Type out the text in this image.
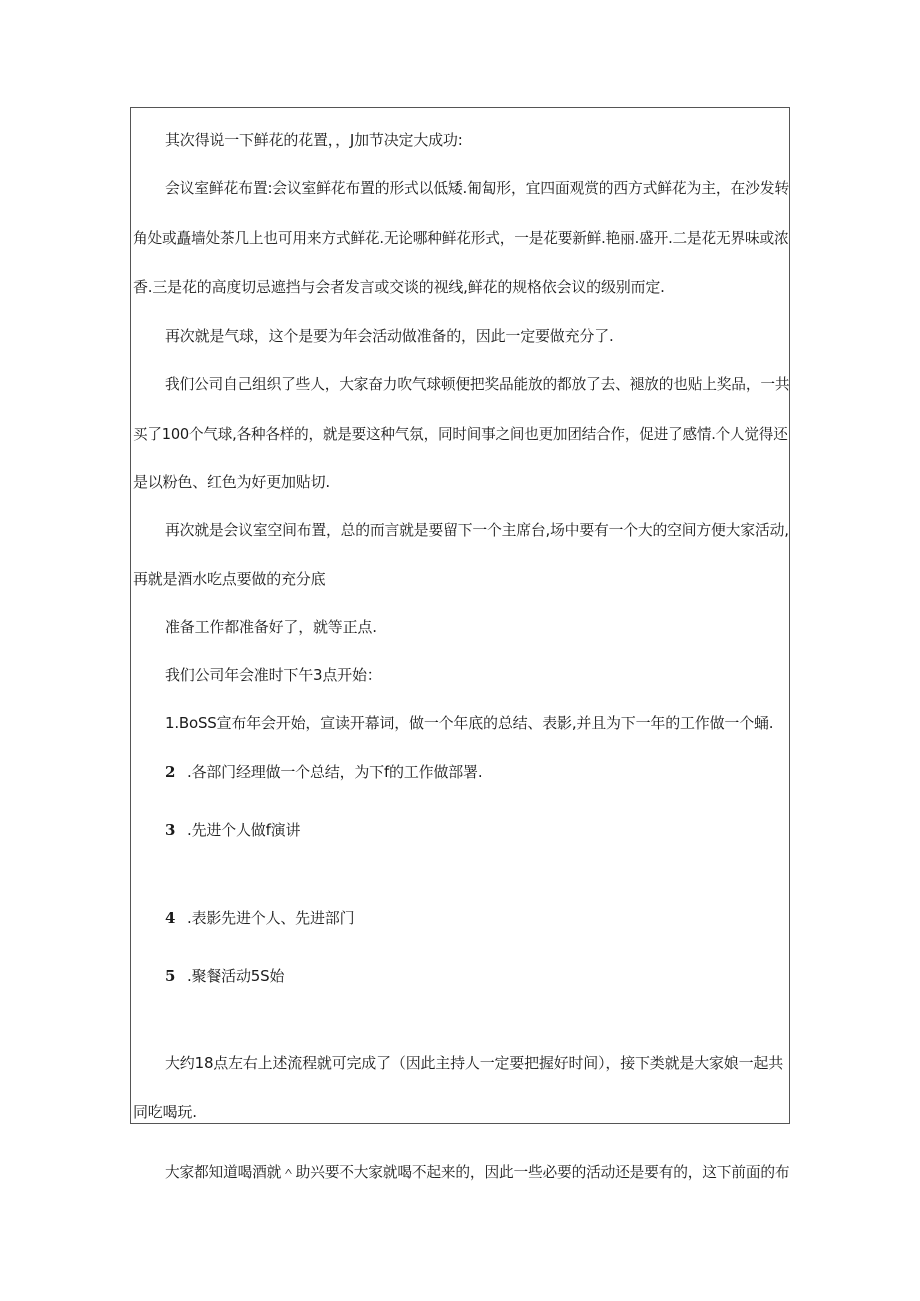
其次得说一下鲜花的花置，，J加节决定大成功:
会议室鲜花布置:会议室鲜花布置的形式以低矮.匍匐形，宜四面观赏的西方式鲜花为主，在沙发转
角处或矗墙处茶几上也可用来方式鲜花.无论哪种鲜花形式，一是花要新鲜.艳丽.盛开.二是花无界味或浓
香.三是花的高度切忌遮挡与会者发言或交谈的视线,鲜花的规格依会议的级别而定.
再次就是气球，这个是要为年会活动做准备的，因此一定要做充分了.
我们公司自己组织了些人，大家奋力吹气球顿便把奖品能放的都放了去、褪放的也贴上奖品，一共
买了100个气球,各种各样的，就是要这种气氛，同时间事之间也更加团结合作，促进了感情.个人觉得还
是以粉色、红色为好更加贴切.
再次就是会议室空间布置，总的而言就是要留下一个主席台,场中要有一个大的空间方便大家活动,
再就是酒水吃点要做的充分底
准备工作都准备好了，就等正点.
我们公司年会准时下午3点开始：
1.BoSS宣布年会开始，宣读开幕词，做一个年底的总结、表影,并且为下一年的工作做一个蛹.
2 .各部门经理做一个总结，为下f的工作做部署.
3 .先进个人做f演讲
4 .表影先进个人、先进部门
5 .聚餐活动5S始
大约18点左右上述流程就可完成了（因此主持人一定要把握好时间），接下类就是大家娘一起共
同吃喝玩.
大家都知道喝酒就＾助兴要不大家就喝不起来的，因此一些必要的活动还是要有的，这下前面的布
